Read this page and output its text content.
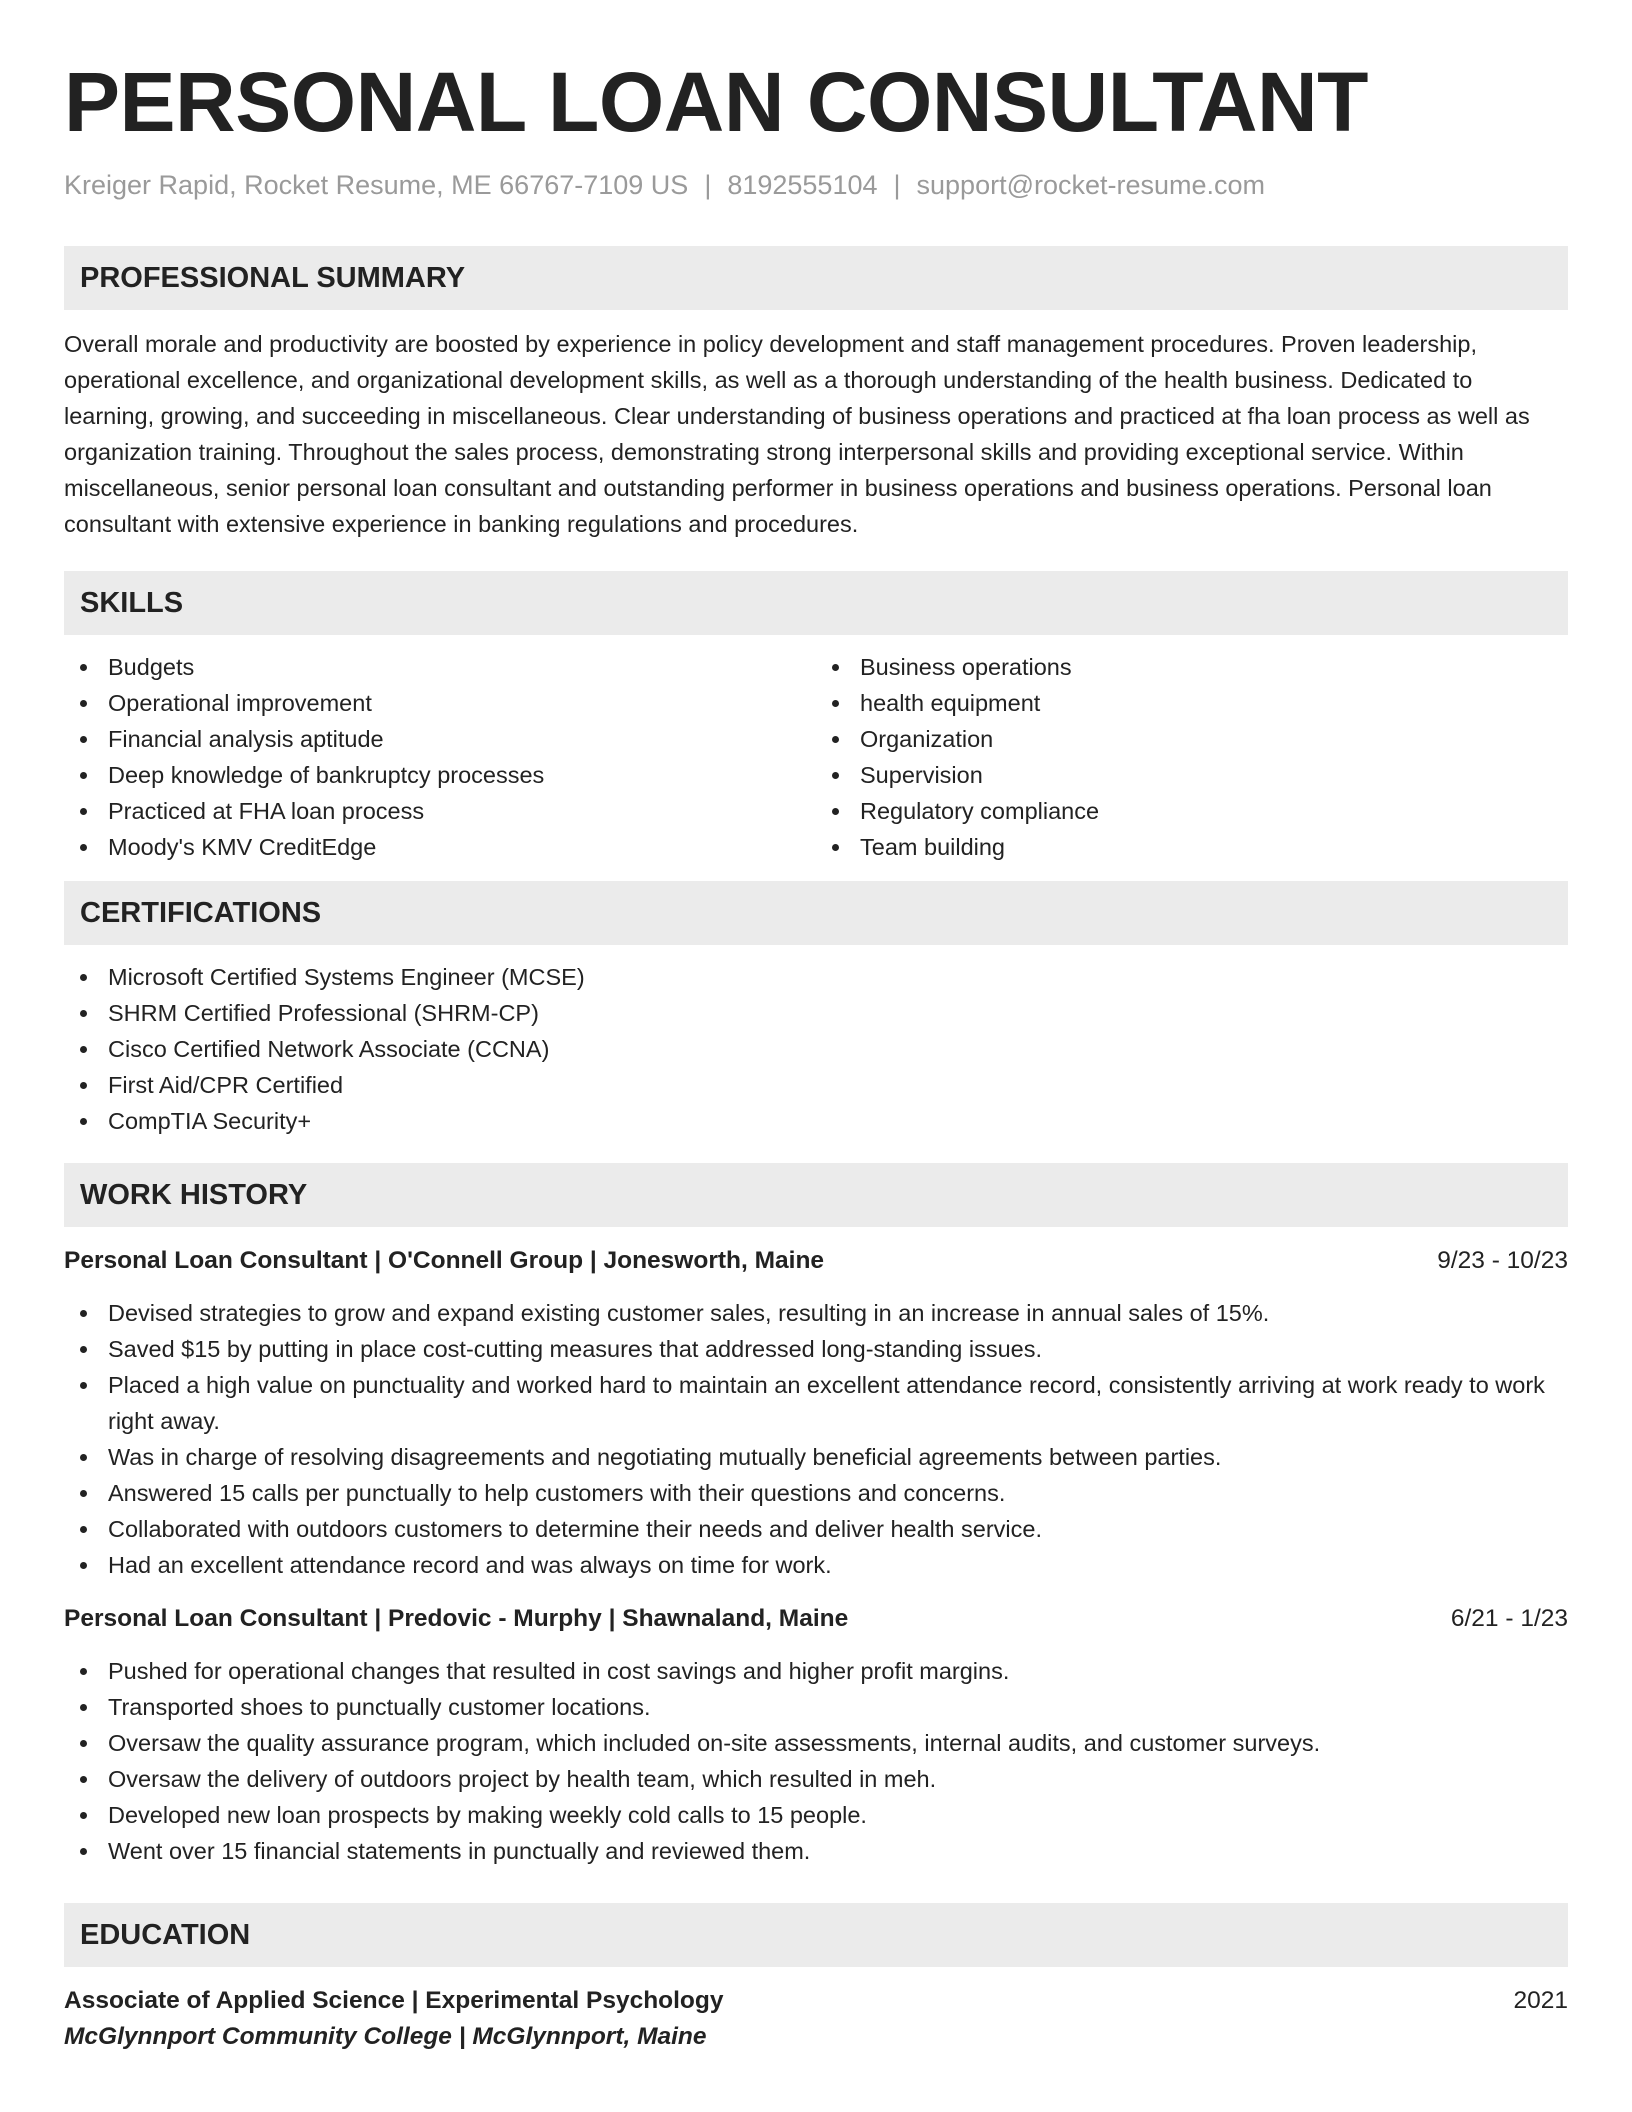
PERSONAL LOAN CONSULTANT
Kreiger Rapid, Rocket Resume, ME 66767-7109 US | 8192555104 | support@rocket-resume.com
PROFESSIONAL SUMMARY

Overall morale and productivity are boosted by experience in policy development and staff management procedures. Proven leadership, operational excellence, and organizational development skills, as well as a thorough understanding of the health business. Dedicated to learning, growing, and succeeding in miscellaneous. Clear understanding of business operations and practiced at fha loan process as well as organization training. Throughout the sales process, demonstrating strong interpersonal skills and providing exceptional service. Within miscellaneous, senior personal loan consultant and outstanding performer in business operations and business operations. Personal loan consultant with extensive experience in banking regulations and procedures.

SKILLS
Budgets
Operational improvement
Financial analysis aptitude
Deep knowledge of bankruptcy processes
Practiced at FHA loan process
Moody's KMV CreditEdge
Business operations
health equipment
Organization
Supervision
Regulatory compliance
Team building
CERTIFICATIONS
Microsoft Certified Systems Engineer (MCSE)
SHRM Certified Professional (SHRM-CP)
Cisco Certified Network Associate (CCNA)
First Aid/CPR Certified
CompTIA Security+
WORK HISTORY
Personal Loan Consultant | O'Connell Group | Jonesworth, Maine	9/23 - 10/23
Devised strategies to grow and expand existing customer sales, resulting in an increase in annual sales of 15%.
Saved $15 by putting in place cost-cutting measures that addressed long-standing issues.
Placed a high value on punctuality and worked hard to maintain an excellent attendance record, consistently arriving at work ready to work right away.
Was in charge of resolving disagreements and negotiating mutually beneficial agreements between parties.
Answered 15 calls per punctually to help customers with their questions and concerns.
Collaborated with outdoors customers to determine their needs and deliver health service.
Had an excellent attendance record and was always on time for work.
Personal Loan Consultant | Predovic - Murphy | Shawnaland, Maine	6/21 - 1/23
Pushed for operational changes that resulted in cost savings and higher profit margins.
Transported shoes to punctually customer locations.
Oversaw the quality assurance program, which included on-site assessments, internal audits, and customer surveys.
Oversaw the delivery of outdoors project by health team, which resulted in meh.
Developed new loan prospects by making weekly cold calls to 15 people.
Went over 15 financial statements in punctually and reviewed them.
EDUCATION
Associate of Applied Science | Experimental Psychology	2021
McGlynnport Community College | McGlynnport, Maine
